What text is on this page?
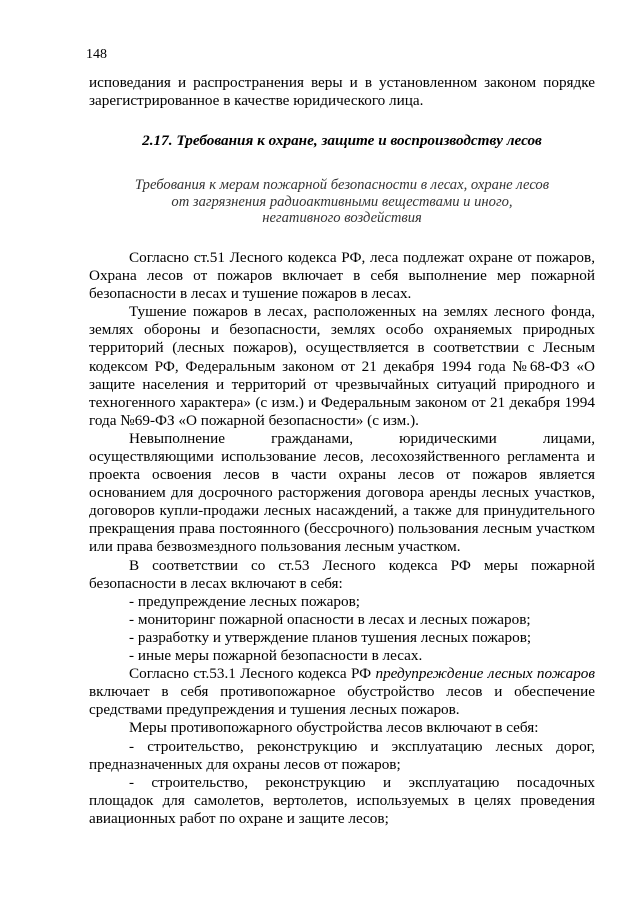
148

исповедания и распространения веры и в установленном законом порядке зарегистрированное в качестве юридического лица.

2.17. Требования к охране, защите и воспроизводству лесов

Требования к мерам пожарной безопасности в лесах, охране лесов
от загрязнения радиоактивными веществами и иного,
негативного воздействия

Согласно ст.51 Лесного кодекса РФ, леса подлежат охране от пожаров, Охрана лесов от пожаров включает в себя выполнение мер пожарной безопасности в лесах и тушение пожаров в лесах.

Тушение пожаров в лесах, расположенных на землях лесного фонда, землях обороны и безопасности, землях особо охраняемых природных территорий (лесных пожаров), осуществляется в соответствии с Лесным кодексом РФ, Федеральным законом от 21 декабря 1994 года №68-ФЗ «О защите населения и территорий от чрезвычайных ситуаций природного и техногенного характера» (с изм.) и Федеральным законом от 21 декабря 1994 года №69-ФЗ «О пожарной безопасности» (с изм.).

Невыполнение гражданами, юридическими лицами, осуществляющими использование лесов, лесохозяйственного регламента и проекта освоения лесов в части охраны лесов от пожаров является основанием для досрочного расторжения договора аренды лесных участков, договоров купли-продажи лесных насаждений, а также для принудительного прекращения права постоянного (бессрочного) пользования лесным участком или права безвозмездного пользования лесным участком.

В соответствии со ст.53 Лесного кодекса РФ меры пожарной безопасности в лесах включают в себя:

- предупреждение лесных пожаров;

- мониторинг пожарной опасности в лесах и лесных пожаров;

- разработку и утверждение планов тушения лесных пожаров;

- иные меры пожарной безопасности в лесах.

Согласно ст.53.1 Лесного кодекса РФ предупреждение лесных пожаров включает в себя противопожарное обустройство лесов и обеспечение средствами предупреждения и тушения лесных пожаров.

Меры противопожарного обустройства лесов включают в себя:

- строительство, реконструкцию и эксплуатацию лесных дорог, предназначенных для охраны лесов от пожаров;

- строительство, реконструкцию и эксплуатацию посадочных площадок для самолетов, вертолетов, используемых в целях проведения авиационных работ по охране и защите лесов;
